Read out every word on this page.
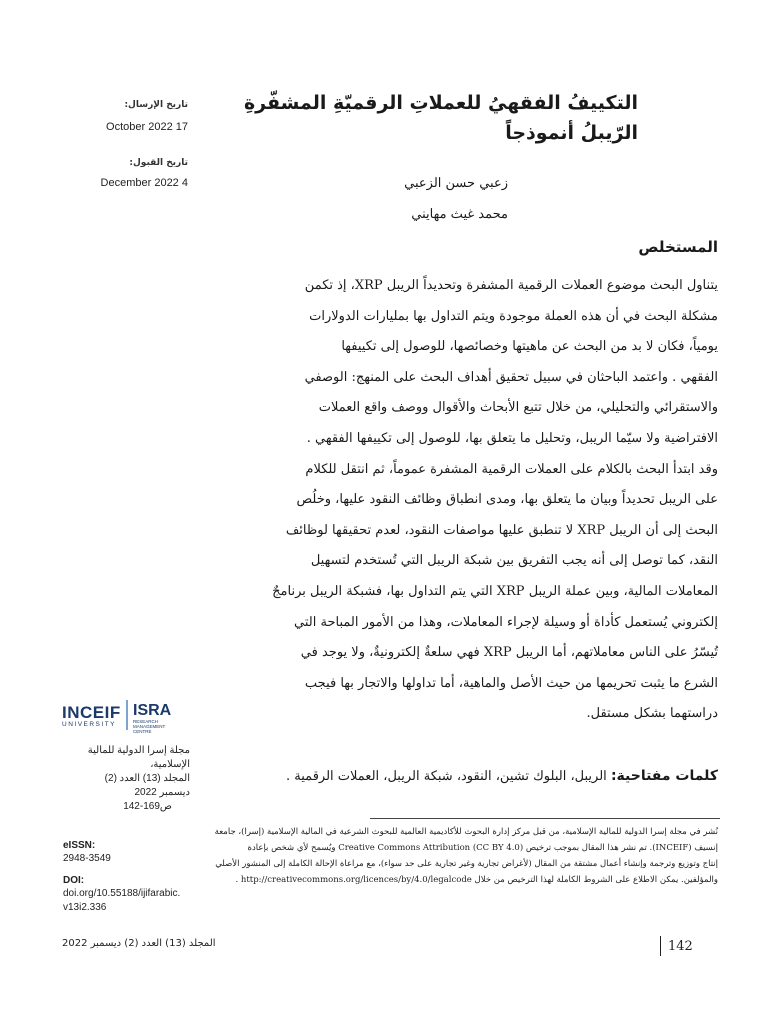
تاريخ الإرسال:
17 October 2022
تاريخ القبول:
4 December 2022
INCEIF
UNIVERSITY
ISRA
RESEARCH
MANAGEMENT
CENTRE
مجلة إسرا الدولية للمالية
الإسلامية،
المجلد (13) العدد (2)
ديسمبر 2022
ص169-142
eISSN:
2948-3549
DOI:
doi.org/10.55188/ijifarabic.
v13i2.336
التكييفُ الفقهيُ للعملاتِ الرقميّةِ المشفّرةِ
الرّيبلُ أنموذجاً
زعبي حسن الزعبي
محمد غيث مهايني
المستخلص
يتناول البحث موضوع العملات الرقمية المشفرة وتحديداً الريبل XRP، إذ تكمن
مشكلة البحث في أن هذه العملة موجودة ويتم التداول بها بمليارات الدولارات
يومياً، فكان لا بد من البحث عن ماهيتها وخصائصها، للوصول إلى تكييفها
الفقهي . واعتمد الباحثان في سبيل تحقيق أهداف البحث على المنهج: الوصفي
والاستقرائي والتحليلي، من خلال تتبع الأبحاث والأقوال ووصف واقع العملات
الافتراضية ولا سيّما الريبل، وتحليل ما يتعلق بها، للوصول إلى تكييفها الفقهي .
وقد ابتدأ البحث بالكلام على العملات الرقمية المشفرة عموماً، ثم انتقل للكلام
على الريبل تحديداً وبيان ما يتعلق بها، ومدى انطباق وظائف النقود عليها، وخلُص
البحث إلى أن الريبل XRP لا تنطبق عليها مواصفات النقود، لعدم تحقيقها لوظائف
النقد، كما توصل إلى أنه يجب التفريق بين شبكة الريبل التي تُستخدم لتسهيل
المعاملات المالية، وبين عملة الريبل XRP التي يتم التداول بها، فشبكة الريبل برنامجٌ
إلكتروني يُستعمل كأداة أو وسيلة لإجراء المعاملات، وهذا من الأمور المباحة التي
تُيسّرُ على الناس معاملاتهم، أما الريبل XRP فهي سلعةٌ إلكترونيةٌ، ولا يوجد في
الشرع ما يثبت تحريمها من حيث الأصل والماهية، أما تداولها والاتجار بها فيجب
دراستهما بشكل مستقل.
كلمات مفتاحية: الريبل، البلوك تشين، النقود، شبكة الريبل، العملات الرقمية .
نُشر في مجلة إسرا الدولية للمالية الإسلامية، من قبل مركز إدارة البحوث للأكاديمية العالمية للبحوث الشرعية في المالية الإسلامية (إسرا)، جامعة
إنسيف (INCEIF). تم نشر هذا المقال بموجب ترخيص Creative Commons Attribution (CC BY 4.0) ويُسمح لأي شخص بإعادة
إنتاج وتوزيع وترجمة وإنشاء أعمال مشتقة من المقال (لأغراض تجارية وغير تجارية على حد سواء)، مع مراعاة الإحالة الكاملة إلى المنشور الأصلي
والمؤلفين. يمكن الاطلاع على الشروط الكاملة لهذا الترخيص من خلال http://creativecommons.org/licences/by/4.0/legalcode .
المجلد (13) العدد (2) ديسمبر 2022	142
